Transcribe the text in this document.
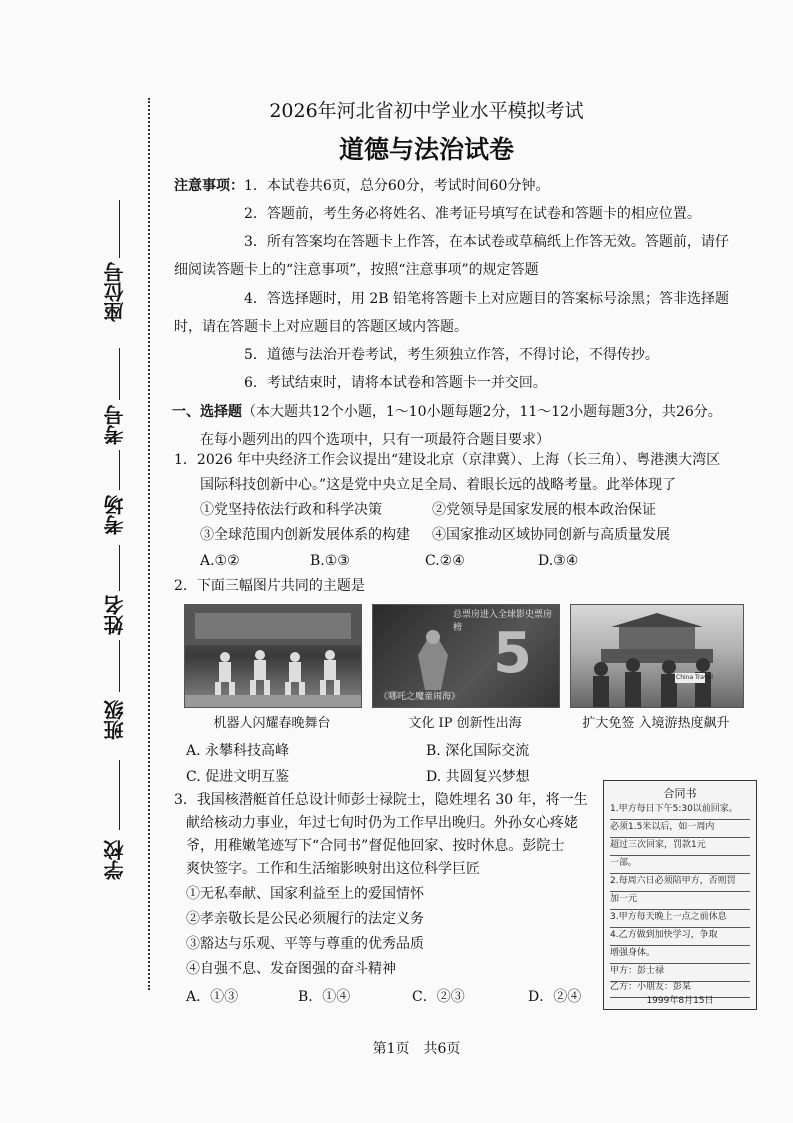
学校
班级
姓名
考场
考号
座位号
2026年河北省初中学业水平模拟考试
道德与法治试卷
注意事项： 1．本试卷共6页，总分60分，考试时间60分钟。
2．答题前，考生务必将姓名、准考证号填写在试卷和答题卡的相应位置。
3．所有答案均在答题卡上作答，在本试卷或草稿纸上作答无效。答题前，请仔
细阅读答题卡上的“注意事项”，按照“注意事项”的规定答题
4．答选择题时，用 2B 铅笔将答题卡上对应题目的答案标号涂黑；答非选择题
时，请在答题卡上对应题目的答题区域内答题。
5．道德与法治开卷考试，考生须独立作答，不得讨论，不得传抄。
6．考试结束时，请将本试卷和答题卡一并交回。
一、选择题（本大题共12个小题，1～10小题每题2分，11～12小题每题3分，共26分。
在每小题列出的四个选项中，只有一项最符合题目要求）
1．2026 年中央经济工作会议提出“建设北京（京津冀）、上海（长三角）、粤港澳大湾区
国际科技创新中心。”这是党中央立足全局、着眼长远的战略考量。此举体现了
①党坚持依法行政和科学决策	②党领导是国家发展的根本政治保证
③全球范围内创新发展体系的构建 ④国家推动区域协同创新与高质量发展
A.①②	B.①③	C.②④	D.③④
2．下面三幅图片共同的主题是
总票房进入全球影史票房榜 5
《哪吒之魔童闹海》
China Travel
机器人闪耀春晚舞台	文化 IP 创新性出海	扩大免签 入境游热度飙升
A. 永攀科技高峰	B. 深化国际交流
C. 促进文明互鉴	D. 共圆复兴梦想
3．我国核潜艇首任总设计师彭士禄院士，隐姓埋名 30 年，将一生
献给核动力事业，年过七旬时仍为工作早出晚归。外孙女心疼姥
爷，用稚嫩笔迹写下“合同书”督促他回家、按时休息。彭院士
爽快签字。工作和生活缩影映射出这位科学巨匠
①无私奉献、国家利益至上的爱国情怀
②孝亲敬长是公民必须履行的法定义务
③豁达与乐观、平等与尊重的优秀品质
④自强不息、发奋图强的奋斗精神
A．①③	B．①④	C．②③	D．②④
合同书
1.甲方每日下午5:30以前回家。
必须1.5米以后，如一周内
超过三次回家，罚款1元
一部。
2.每周六日必须陪甲方，否则罚
加一元
3.甲方每天晚上一点之前休息
4.乙方做到加快学习，争取
增强身体。
甲方：彭士禄
乙方：小朋友：彭某
1999年8月15日
第1页　共6页
